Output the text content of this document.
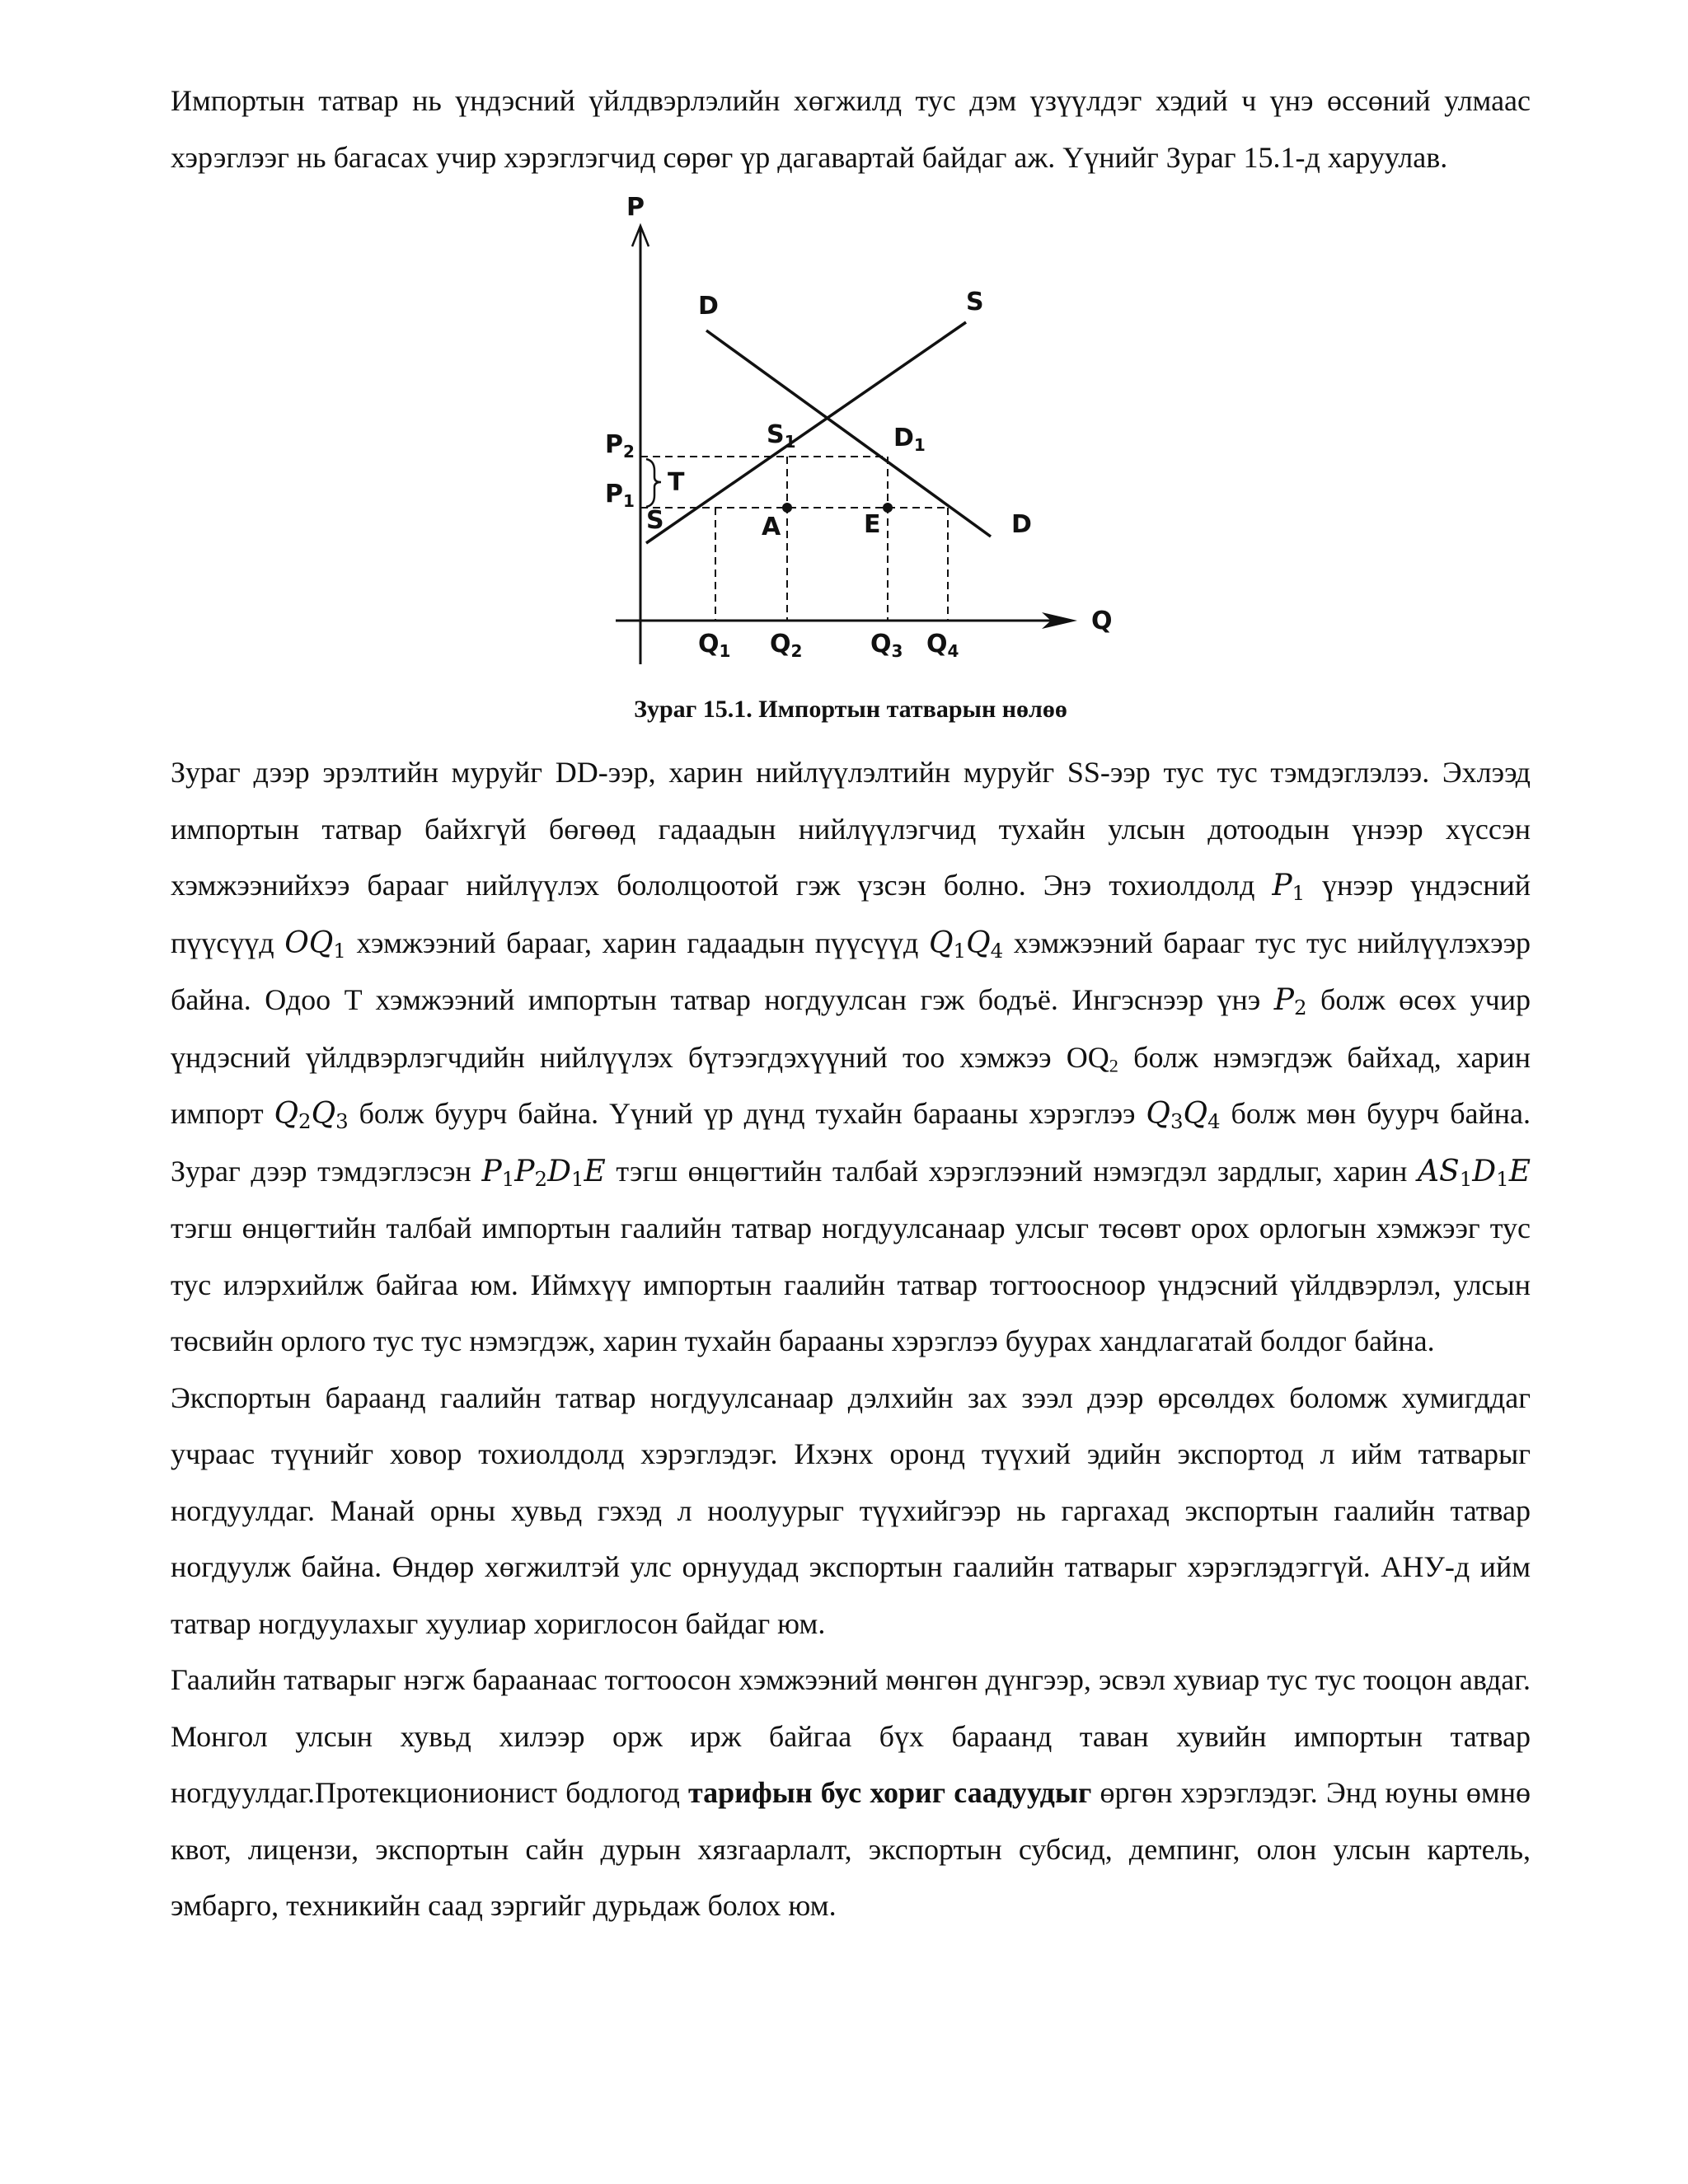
Импортын татвар нь үндэсний үйлдвэрлэлийн хөгжилд тус дэм үзүүлдэг хэдий ч үнэ өссөний улмаас хэрэглээг нь багасах учир хэрэглэгчид сөрөг үр дагавартай байдаг аж. Үүнийг Зураг 15.1-д харуулав.

P
Q
D	S
D
S
$P_2$
$P_1$
T
$S_1$	$D_1$
A	E
$Q_1$ $Q_2$	$Q_3$ $Q_4$
Зураг 15.1. Импортын татварын нөлөө

Зураг дээр эрэлтийн муруйг DD-ээр, харин нийлүүлэлтийн муруйг SS-ээр тус тус тэмдэглэлээ. Эхлээд импортын татвар байхгүй бөгөөд гадаадын нийлүүлэгчид тухайн улсын дотоодын үнээр хүссэн хэмжээнийхээ барааг нийлүүлэх бололцоотой гэж үзсэн болно. Энэ тохиолдолд $P_1$ үнээр үндэсний пүүсүүд $OQ_1$ хэмжээний барааг, харин гадаадын пүүсүүд $Q_1Q_4$ хэмжээний барааг тус тус нийлүүлэхээр байна. Одоо T хэмжээний импортын татвар ногдуулсан гэж бодъё. Ингэснээр үнэ $P_2$ болж өсөх учир үндэсний үйлдвэрлэгчдийн нийлүүлэх бүтээгдэхүүний тоо хэмжээ OQ2 болж нэмэгдэж байхад, харин импорт $Q_2Q_3$ болж буурч байна. Үүний үр дүнд тухайн барааны хэрэглээ $Q_3Q_4$ болж мөн буурч байна. Зураг дээр тэмдэглэсэн $P_1P_2D_1E$ тэгш өнцөгтийн талбай хэрэглээний нэмэгдэл зардлыг, харин $AS_1D_1E$ тэгш өнцөгтийн талбай импортын гаалийн татвар ногдуулсанаар улсыг төсөвт орох орлогын хэмжээг тус тус илэрхийлж байгаа юм. Иймхүү импортын гаалийн татвар тогтоосноор үндэсний үйлдвэрлэл, улсын төсвийн орлого тус тус нэмэгдэж, харин тухайн барааны хэрэглээ буурах хандлагатай болдог байна.

Экспортын бараанд гаалийн татвар ногдуулсанаар дэлхийн зах зээл дээр өрсөлдөх боломж хумигддаг учраас түүнийг ховор тохиолдолд хэрэглэдэг. Ихэнх оронд түүхий эдийн экспортод л ийм татварыг ногдуулдаг. Манай орны хувьд гэхэд л ноолуурыг түүхийгээр нь гаргахад экспортын гаалийн татвар ногдуулж байна. Өндөр хөгжилтэй улс орнуудад экспортын гаалийн татварыг хэрэглэдэггүй. АНУ-д ийм татвар ногдуулахыг хуулиар хориглосон байдаг юм.

Гаалийн татварыг нэгж бараанаас тогтоосон хэмжээний мөнгөн дүнгээр, эсвэл хувиар тус тус тооцон авдаг. Монгол улсын хувьд хилээр орж ирж байгаа бүх бараанд таван хувийн импортын татвар ногдуулдаг.Протекционионист бодлогод тарифын бус хориг саадуудыг өргөн хэрэглэдэг. Энд юуны өмнө квот, лицензи, экспортын сайн дурын хязгаарлалт, экспортын субсид, демпинг, олон улсын картель, эмбарго, техникийн саад зэргийг дурьдаж болох юм.
